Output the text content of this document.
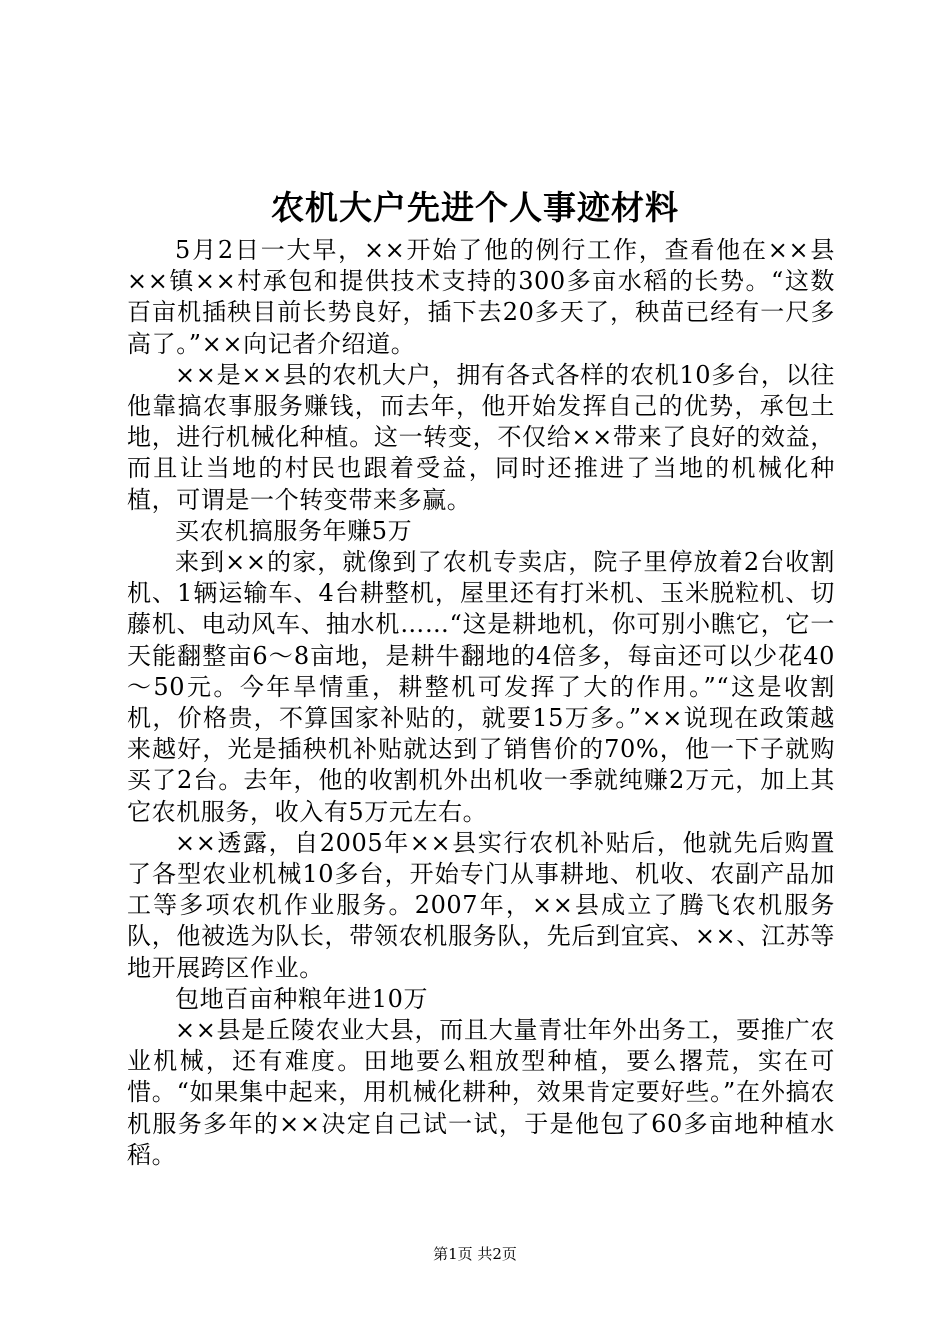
农机大户先进个人事迹材料

5月2日一大早，××开始了他的例行工作，查看他在××县××镇××村承包和提供技术支持的300多亩水稻的长势。“这数百亩机插秧目前长势良好，插下去20多天了，秧苗已经有一尺多高了。”××向记者介绍道。

××是××县的农机大户，拥有各式各样的农机10多台，以往他靠搞农事服务赚钱，而去年，他开始发挥自己的优势，承包土地，进行机械化种植。这一转变，不仅给××带来了良好的效益，而且让当地的村民也跟着受益，同时还推进了当地的机械化种植，可谓是一个转变带来多赢。

买农机搞服务年赚5万

来到××的家，就像到了农机专卖店，院子里停放着2台收割机、1辆运输车、4台耕整机，屋里还有打米机、玉米脱粒机、切藤机、电动风车、抽水机……“这是耕地机，你可别小瞧它，它一天能翻整亩6～8亩地，是耕牛翻地的4倍多，每亩还可以少花40～50元。今年旱情重，耕整机可发挥了大的作用。”“这是收割机，价格贵，不算国家补贴的，就要15万多。”××说现在政策越来越好，光是插秧机补贴就达到了销售价的70%，他一下子就购买了2台。去年，他的收割机外出机收一季就纯赚2万元，加上其它农机服务，收入有5万元左右。

××透露，自2005年××县实行农机补贴后，他就先后购置了各型农业机械10多台，开始专门从事耕地、机收、农副产品加工等多项农机作业服务。2007年，××县成立了腾飞农机服务队，他被选为队长，带领农机服务队，先后到宜宾、××、江苏等地开展跨区作业。

包地百亩种粮年进10万

××县是丘陵农业大县，而且大量青壮年外出务工，要推广农业机械，还有难度。田地要么粗放型种植，要么撂荒，实在可惜。“如果集中起来，用机械化耕种，效果肯定要好些。”在外搞农机服务多年的××决定自己试一试，于是他包了60多亩地种植水稻。

第1页 共2页
